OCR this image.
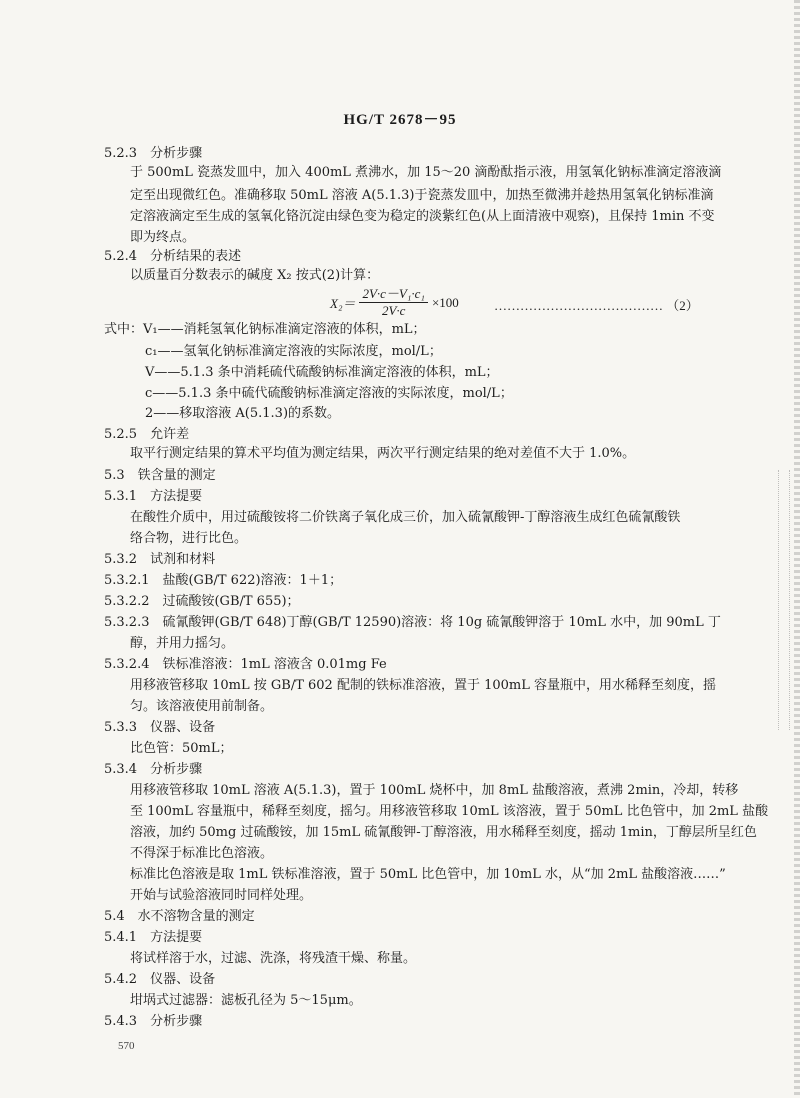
HG/T 2678－95
5.2.3　分析步骤
于 500mL 瓷蒸发皿中，加入 400mL 煮沸水，加 15～20 滴酚酞指示液，用氢氧化钠标准滴定溶液滴
定至出现微红色。准确移取 50mL 溶液 A(5.1.3)于瓷蒸发皿中，加热至微沸并趁热用氢氧化钠标准滴
定溶液滴定至生成的氢氧化铬沉淀由绿色变为稳定的淡紫红色(从上面清液中观察)，且保持 1min 不变
即为终点。
5.2.4　分析结果的表述
以质量百分数表示的碱度 X₂ 按式(2)计算：
$X_2= \frac{\text{2V·c－V₁·c₁}}{2V\cdot c} \times 100$	………………………………… （2）
式中：V₁——消耗氢氧化钠标准滴定溶液的体积，mL；
c₁——氢氧化钠标准滴定溶液的实际浓度，mol/L；
V——5.1.3 条中消耗硫代硫酸钠标准滴定溶液的体积，mL；
c——5.1.3 条中硫代硫酸钠标准滴定溶液的实际浓度，mol/L；
2——移取溶液 A(5.1.3)的系数。
5.2.5　允许差
取平行测定结果的算术平均值为测定结果，两次平行测定结果的绝对差值不大于 1.0%。
5.3　铁含量的测定
5.3.1　方法提要
在酸性介质中，用过硫酸铵将二价铁离子氧化成三价，加入硫氰酸钾-丁醇溶液生成红色硫氰酸铁
络合物，进行比色。
5.3.2　试剂和材料
5.3.2.1　盐酸(GB/T 622)溶液：1＋1；
5.3.2.2　过硫酸铵(GB/T 655)；
5.3.2.3　硫氰酸钾(GB/T 648)丁醇(GB/T 12590)溶液：将 10g 硫氰酸钾溶于 10mL 水中，加 90mL 丁
醇，并用力摇匀。
5.3.2.4　铁标准溶液：1mL 溶液含 0.01mg Fe
用移液管移取 10mL 按 GB/T 602 配制的铁标准溶液，置于 100mL 容量瓶中，用水稀释至刻度，摇
匀。该溶液使用前制备。
5.3.3　仪器、设备
比色管：50mL；
5.3.4　分析步骤
用移液管移取 10mL 溶液 A(5.1.3)，置于 100mL 烧杯中，加 8mL 盐酸溶液，煮沸 2min，冷却，转移
至 100mL 容量瓶中，稀释至刻度，摇匀。用移液管移取 10mL 该溶液，置于 50mL 比色管中，加 2mL 盐酸
溶液，加约 50mg 过硫酸铵，加 15mL 硫氰酸钾-丁醇溶液，用水稀释至刻度，摇动 1min，丁醇层所呈红色
不得深于标准比色溶液。
标准比色溶液是取 1mL 铁标准溶液，置于 50mL 比色管中，加 10mL 水，从“加 2mL 盐酸溶液……”
开始与试验溶液同时同样处理。
5.4　水不溶物含量的测定
5.4.1　方法提要
将试样溶于水，过滤、洗涤，将残渣干燥、称量。
5.4.2　仪器、设备
坩埚式过滤器：滤板孔径为 5～15μm。
5.4.3　分析步骤
570
